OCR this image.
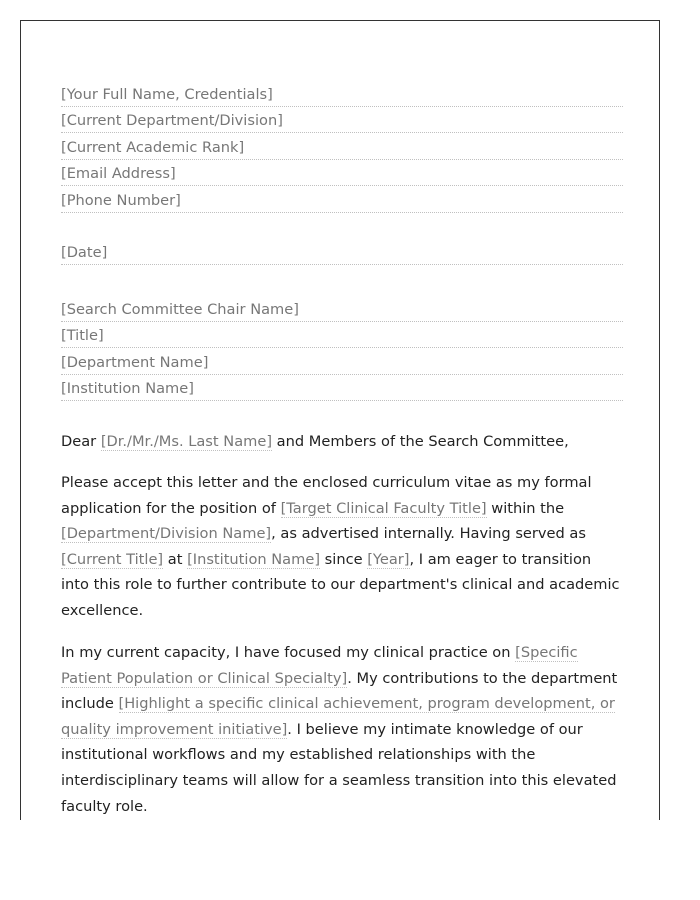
[Your Full Name, Credentials]
[Current Department/Division]
[Current Academic Rank]
[Email Address]
[Phone Number]
[Date]
[Search Committee Chair Name]
[Title]
[Department Name]
[Institution Name]
Dear [Dr./Mr./Ms. Last Name] and Members of the Search Committee,
Please accept this letter and the enclosed curriculum vitae as my formal application for the position of [Target Clinical Faculty Title] within the [Department/Division Name], as advertised internally. Having served as [Current Title] at [Institution Name] since [Year], I am eager to transition into this role to further contribute to our department's clinical and academic excellence.
In my current capacity, I have focused my clinical practice on [Specific Patient Population or Clinical Specialty]. My contributions to the department include [Highlight a specific clinical achievement, program development, or quality improvement initiative]. I believe my intimate knowledge of our institutional workflows and my established relationships with the interdisciplinary teams will allow for a seamless transition into this elevated faculty role.
